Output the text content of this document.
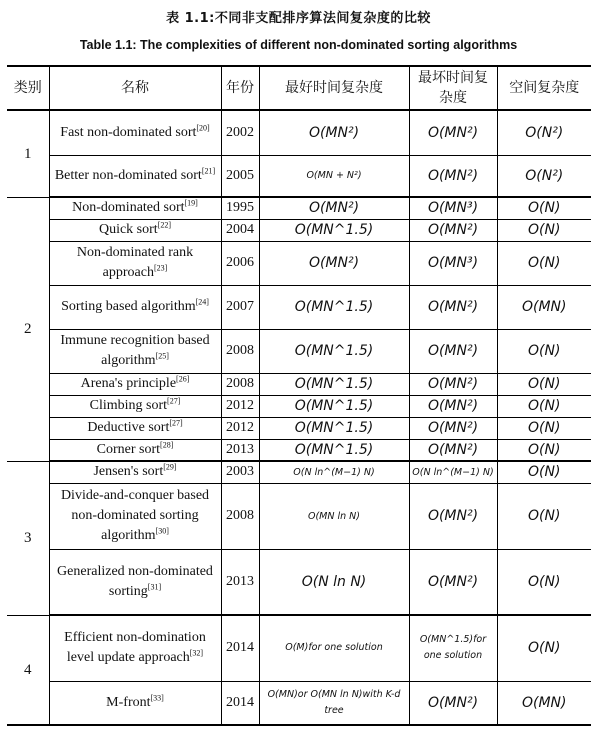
表 1.1:不同非支配排序算法间复杂度的比较
Table 1.1: The complexities of different non-dominated sorting algorithms
类别	名称	年份	最好时间复杂度	最坏时间复杂度	空间复杂度
1	Fast non-dominated sort[20]	2002	O(MN²)	O(MN²)	O(N²)
	Better non-dominated sort[21]	2005	O(MN + N²)	O(MN²)	O(N²)
2	Non-dominated sort[19]	1995	O(MN²)	O(MN³)	O(N)
	Quick sort[22]	2004	O(MN^1.5)	O(MN²)	O(N)
	Non-dominated rank approach[23]	2006	O(MN²)	O(MN³)	O(N)
	Sorting based algorithm[24]	2007	O(MN^1.5)	O(MN²)	O(MN)
	Immune recognition based algorithm[25]	2008	O(MN^1.5)	O(MN²)	O(N)
	Arena's principle[26]	2008	O(MN^1.5)	O(MN²)	O(N)
	Climbing sort[27]	2012	O(MN^1.5)	O(MN²)	O(N)
	Deductive sort[27]	2012	O(MN^1.5)	O(MN²)	O(N)
	Corner sort[28]	2013	O(MN^1.5)	O(MN²)	O(N)
3	Jensen's sort[29]	2003	O(N ln^(M−1) N)	O(N ln^(M−1) N)	O(N)
	Divide-and-conquer based non-dominated sorting algorithm[30]	2008	O(MN ln N)	O(MN²)	O(N)
	Generalized non-dominated sorting[31]	2013	O(N ln N)	O(MN²)	O(N)
4	Efficient non-domination level update approach[32]	2014	O(M)for one solution	O(MN^1.5)for one solution	O(N)
	M-front[33]	2014	O(MN)or O(MN ln N)with K-d tree	O(MN²)	O(MN)
